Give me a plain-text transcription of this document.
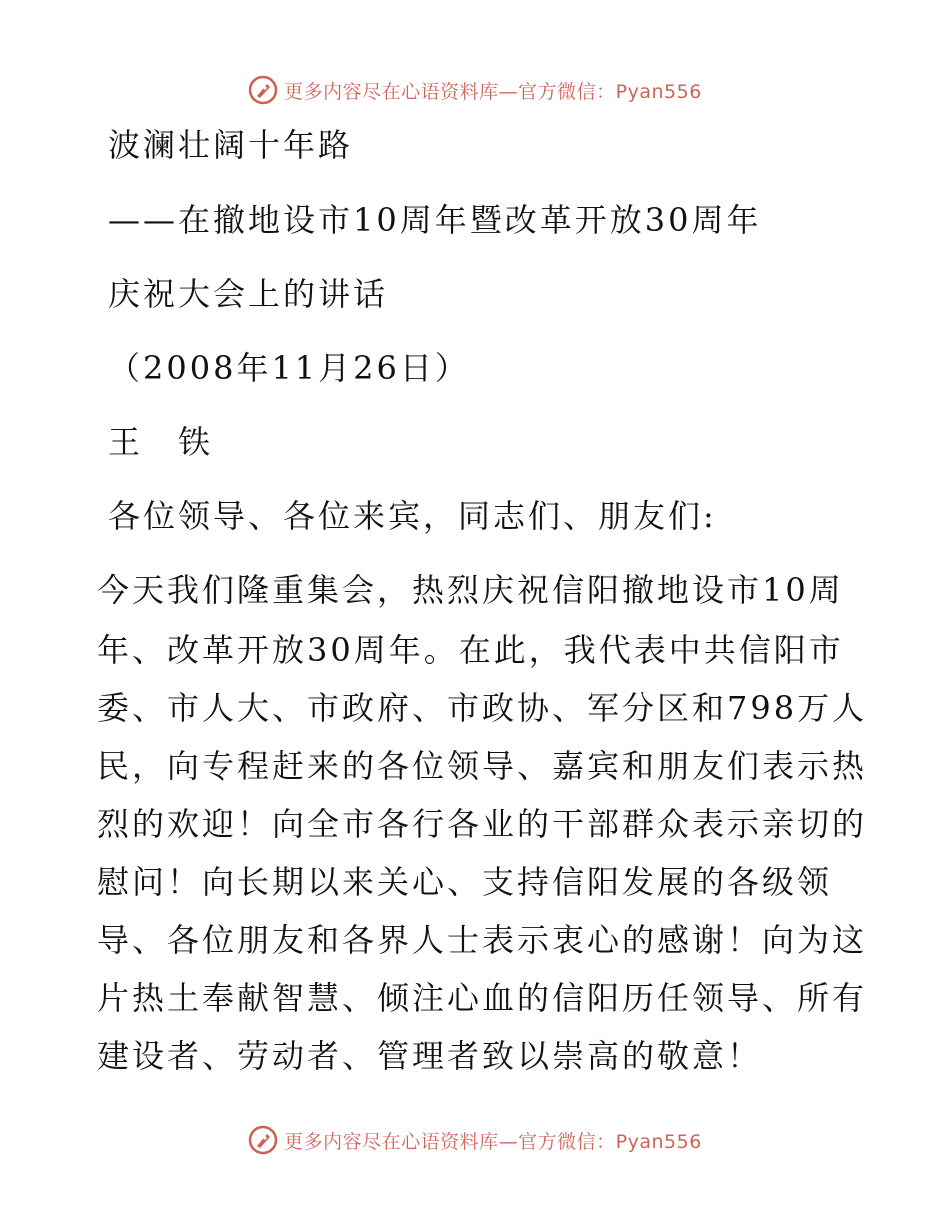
更多内容尽在心语资料库—官方微信：Pyan556
波澜壮阔十年路
——在撤地设市10周年暨改革开放30周年
庆祝大会上的讲话
（2008年11月26日）
王　铁
各位领导、各位来宾，同志们、朋友们:
今天我们隆重集会，热烈庆祝信阳撤地设市10周
年、改革开放30周年。在此，我代表中共信阳市
委、市人大、市政府、市政协、军分区和798万人
民，向专程赶来的各位领导、嘉宾和朋友们表示热
烈的欢迎！向全市各行各业的干部群众表示亲切的
慰问！向长期以来关心、支持信阳发展的各级领
导、各位朋友和各界人士表示衷心的感谢！向为这
片热土奉献智慧、倾注心血的信阳历任领导、所有
建设者、劳动者、管理者致以崇高的敬意！
更多内容尽在心语资料库—官方微信：Pyan556
